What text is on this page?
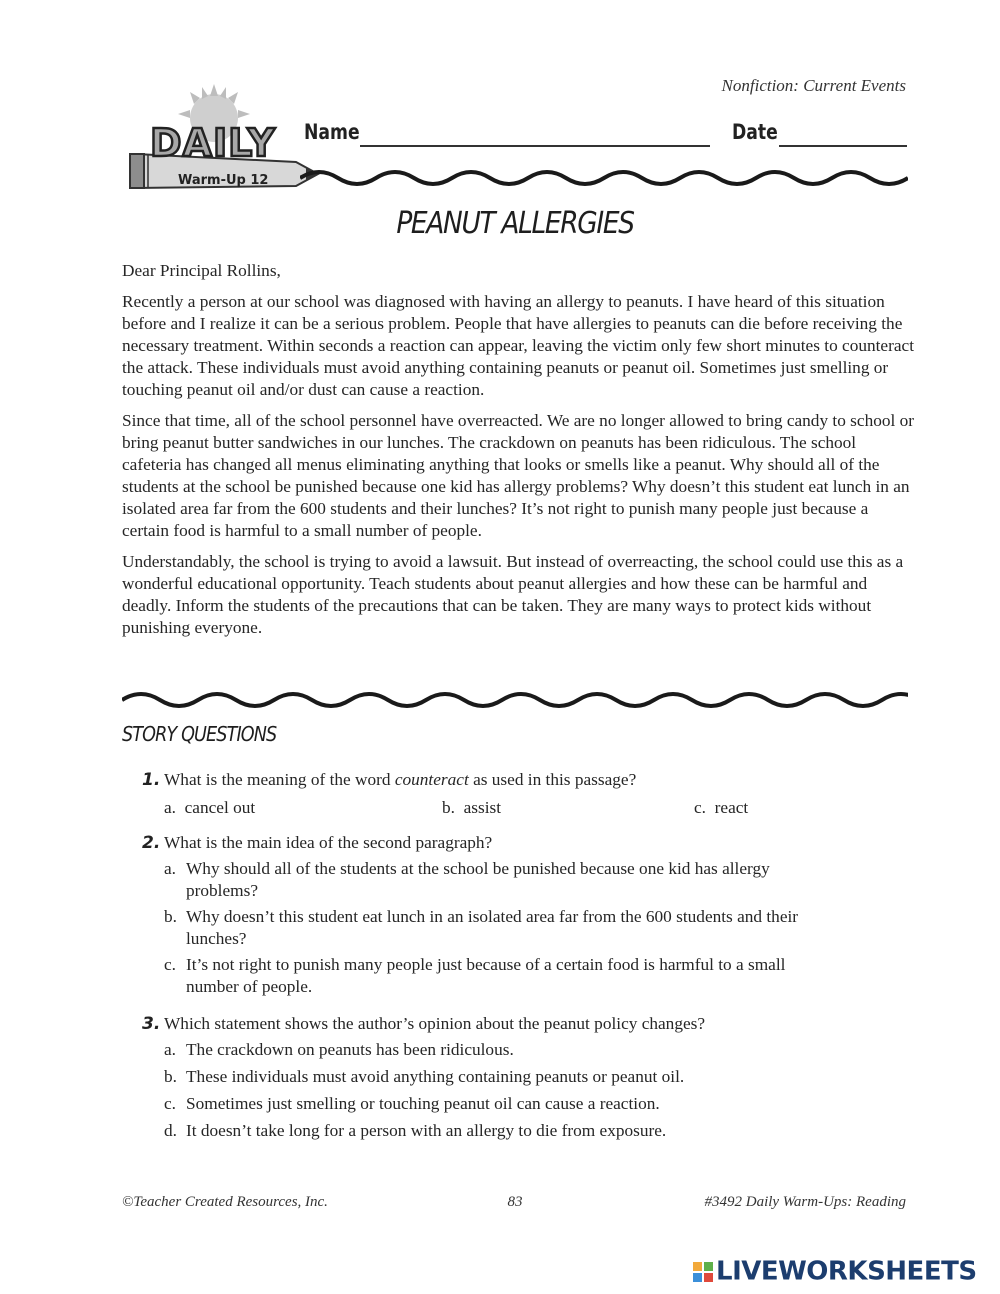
Nonfiction: Current Events
DAILY
Warm-Up 12
Name	Date
PEANUT ALLERGIES

Dear Principal Rollins,

Recently a person at our school was diagnosed with having an allergy to peanuts. I have heard of this situation before and I realize it can be a serious problem. People that have allergies to peanuts can die before receiving the necessary treatment. Within seconds a reaction can appear, leaving the victim only few short minutes to counteract the attack. These individuals must avoid anything containing peanuts or peanut oil. Sometimes just smelling or touching peanut oil and/or dust can cause a reaction.

Since that time, all of the school personnel have overreacted. We are no longer allowed to bring candy to school or bring peanut butter sandwiches in our lunches. The crackdown on peanuts has been ridiculous. The school cafeteria has changed all menus eliminating anything that looks or smells like a peanut. Why should all of the students at the school be punished because one kid has allergy problems? Why doesn’t this student eat lunch in an isolated area far from the 600 students and their lunches? It’s not right to punish many people just because a certain food is harmful to a small number of people.

Understandably, the school is trying to avoid a lawsuit. But instead of overreacting, the school could use this as a wonderful educational opportunity. Teach students about peanut allergies and how these can be harmful and deadly. Inform the students of the precautions that can be taken. They are many ways to protect kids without punishing everyone.

STORY QUESTIONS
1. What is the meaning of the word counteract as used in this passage?
a. cancel out	b. assist	c. react
2. What is the main idea of the second paragraph?
a. Why should all of the students at the school be punished because one kid has allergy problems?
b. Why doesn’t this student eat lunch in an isolated area far from the 600 students and their lunches?
c. It’s not right to punish many people just because of a certain food is harmful to a small number of people.
3. Which statement shows the author’s opinion about the peanut policy changes?
a. The crackdown on peanuts has been ridiculous.
b. These individuals must avoid anything containing peanuts or peanut oil.
c. Sometimes just smelling or touching peanut oil can cause a reaction.
d. It doesn’t take long for a person with an allergy to die from exposure.
©Teacher Created Resources, Inc.	83	#3492 Daily Warm-Ups: Reading
LIVEWORKSHEETS
